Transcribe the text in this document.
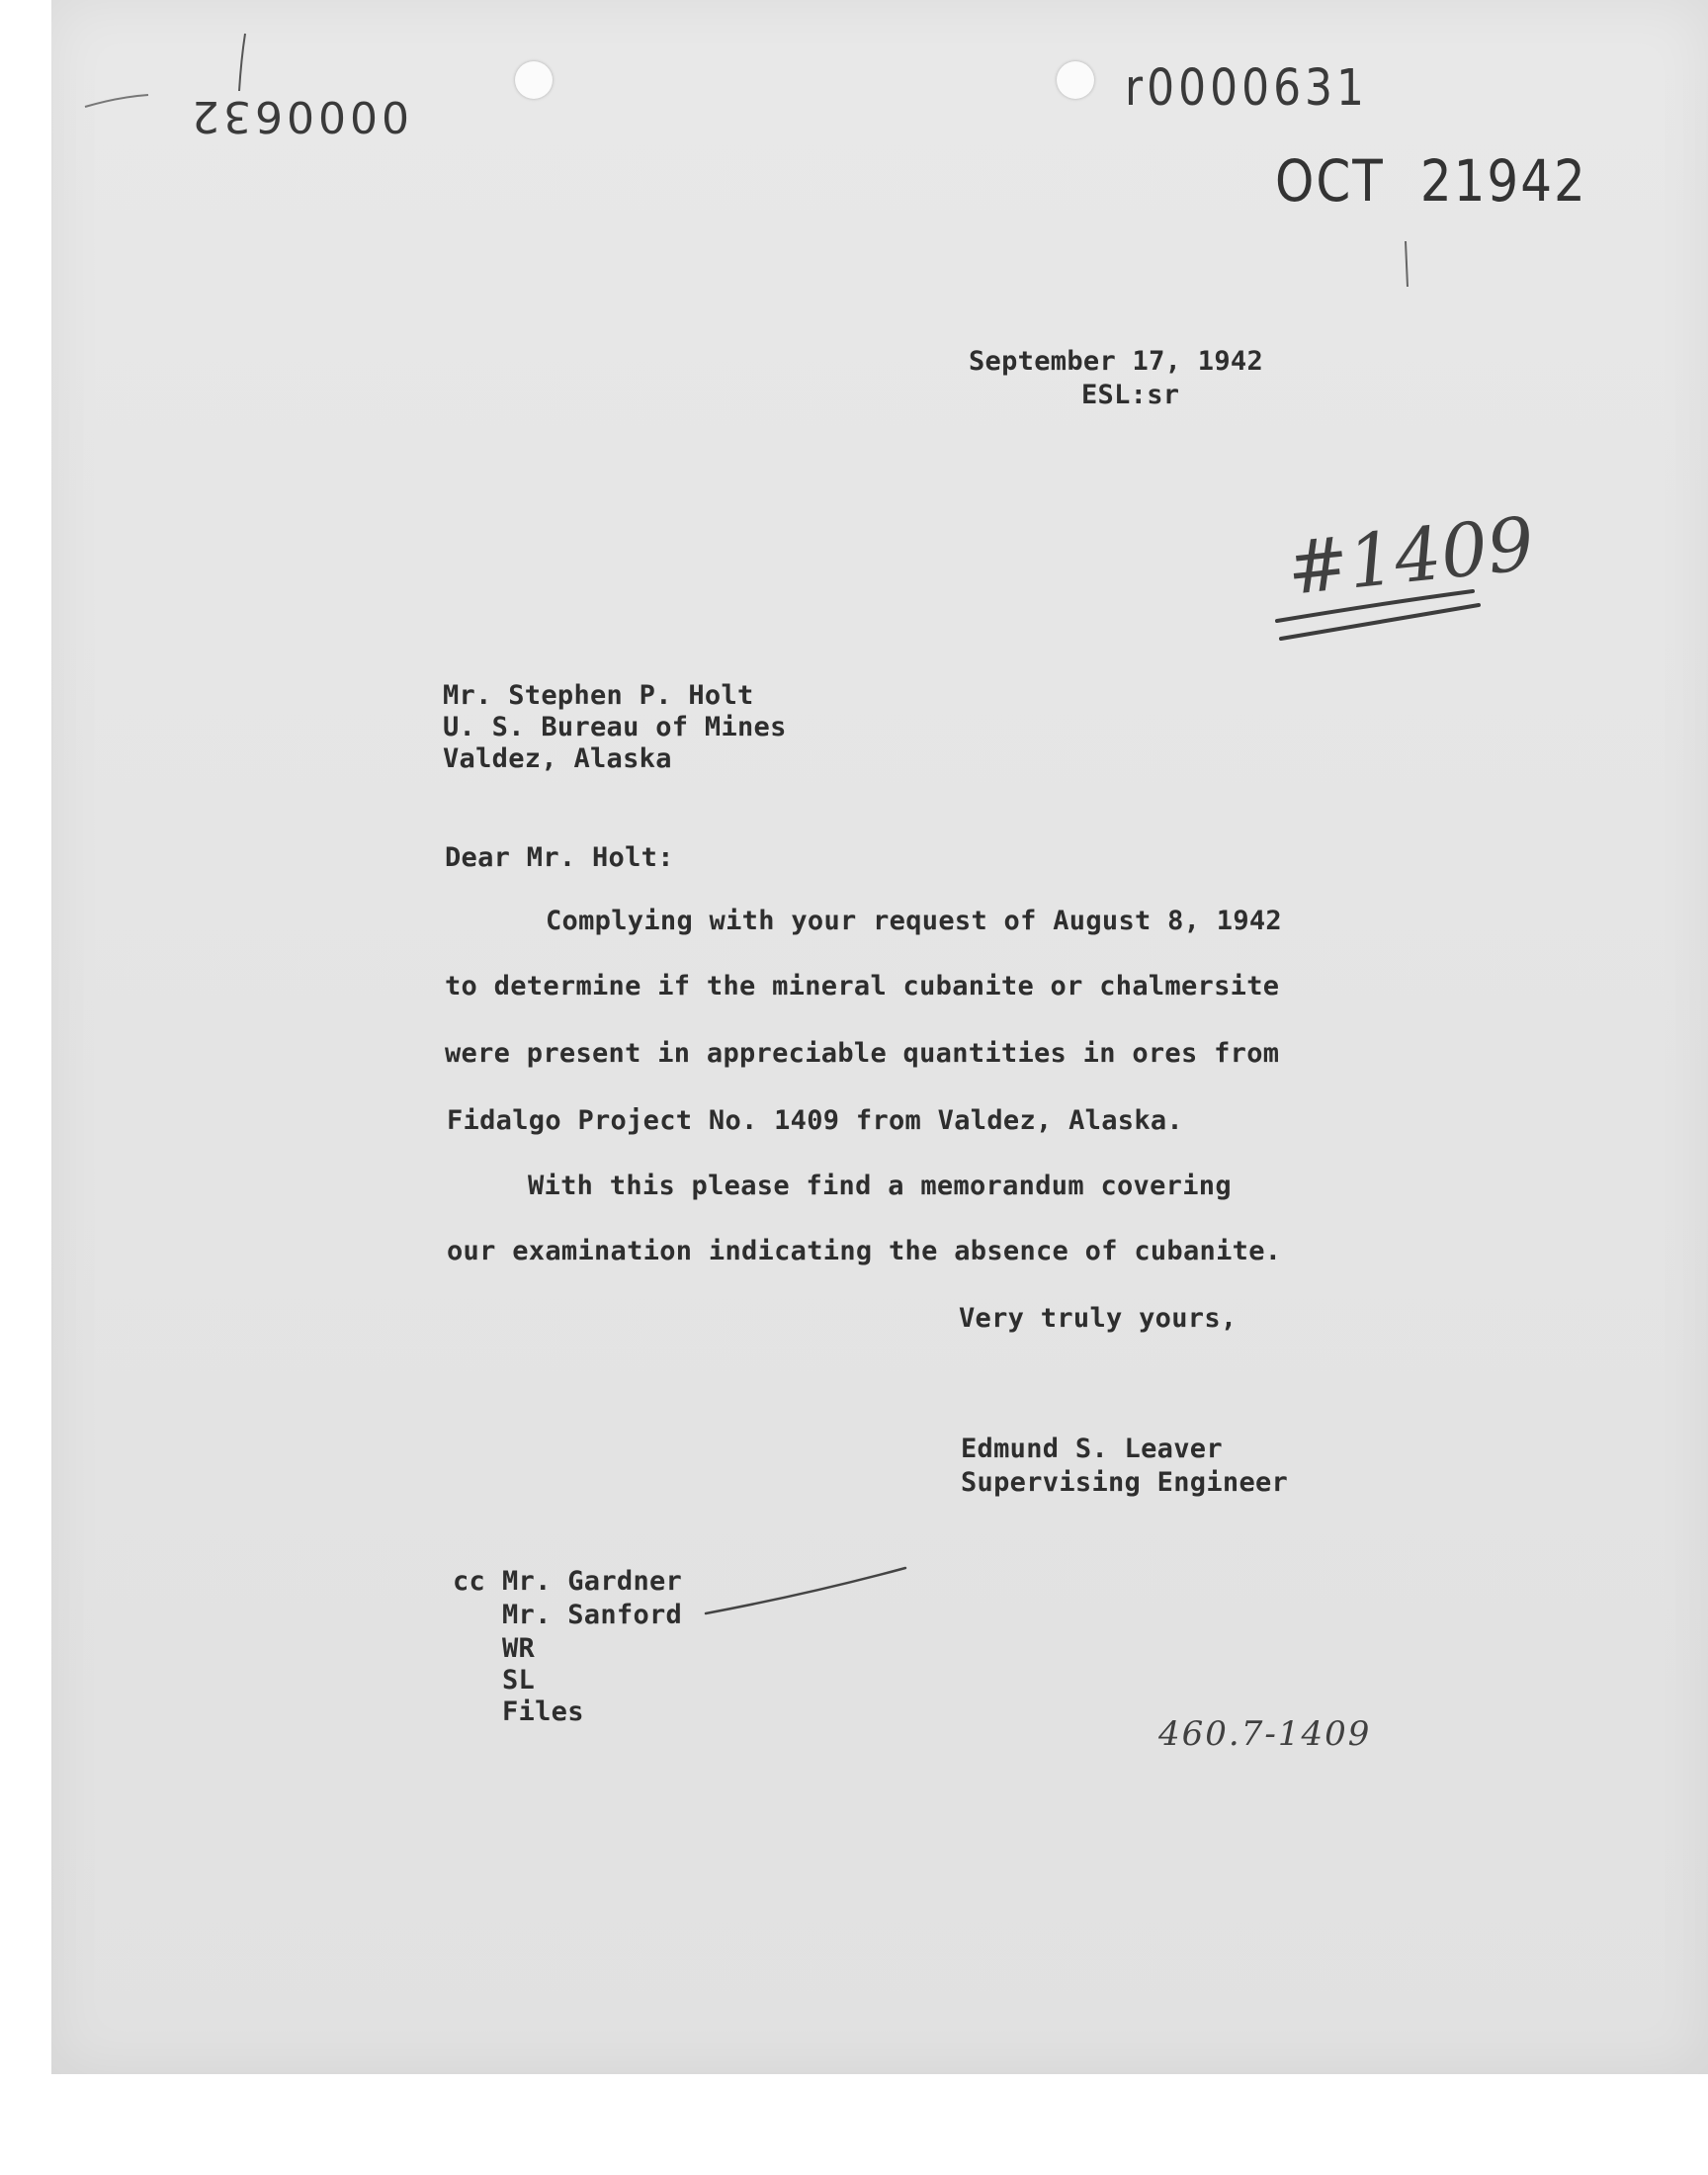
0000632	r0000631
OCT 21942
September 17, 1942
ESL:sr
#1409
Mr. Stephen P. Holt
U. S. Bureau of Mines
Valdez, Alaska
Dear Mr. Holt:
Complying with your request of August 8, 1942
to determine if the mineral cubanite or chalmersite
were present in appreciable quantities in ores from
Fidalgo Project No. 1409 from Valdez, Alaska.
With this please find a memorandum covering
our examination indicating the absence of cubanite.
Very truly yours,
Edmund S. Leaver
Supervising Engineer
cc Mr. Gardner
Mr. Sanford
WR
SL
Files
460.7-1409
